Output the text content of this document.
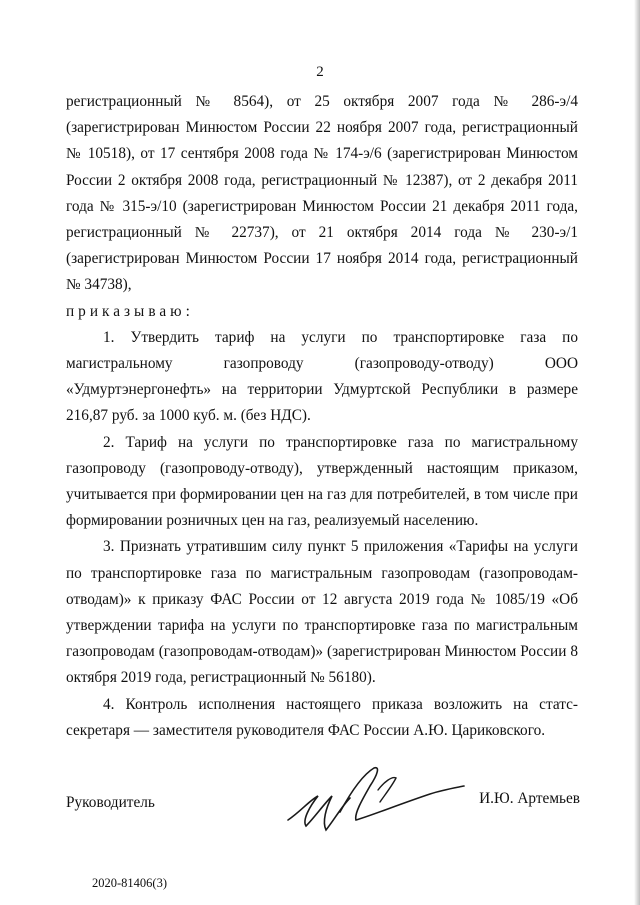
2

регистрационный № 8564), от 25 октября 2007 года № 286-э/4 (зарегистрирован Минюстом России 22 ноября 2007 года, регистрационный № 10518), от 17 сентября 2008 года № 174-э/6 (зарегистрирован Минюстом России 2 октября 2008 года, регистрационный № 12387), от 2 декабря 2011 года № 315-э/10 (зарегистрирован Минюстом России 21 декабря 2011 года, регистрационный № 22737), от 21 октября 2014 года № 230-э/1 (зарегистрирован Минюстом России 17 ноября 2014 года, регистрационный № 34738),

приказываю:

1. Утвердить тариф на услуги по транспортировке газа по магистральному газопроводу (газопроводу-отводу) ООО «Удмуртэнергонефть» на территории Удмуртской Республики в размере 216,87 руб. за 1000 куб. м. (без НДС).

2. Тариф на услуги по транспортировке газа по магистральному газопроводу (газопроводу-отводу), утвержденный настоящим приказом, учитывается при формировании цен на газ для потребителей, в том числе при формировании розничных цен на газ, реализуемый населению.

3. Признать утратившим силу пункт 5 приложения «Тарифы на услуги по транспортировке газа по магистральным газопроводам (газопроводам-отводам)» к приказу ФАС России от 12 августа 2019 года № 1085/19 «Об утверждении тарифа на услуги по транспортировке газа по магистральным газопроводам (газопроводам-отводам)» (зарегистрирован Минюстом России 8 октября 2019 года, регистрационный № 56180).

4. Контроль исполнения настоящего приказа возложить на статс-секретаря — заместителя руководителя ФАС России А.Ю. Цариковского.

Руководитель	И.Ю. Артемьев
2020-81406(3)
